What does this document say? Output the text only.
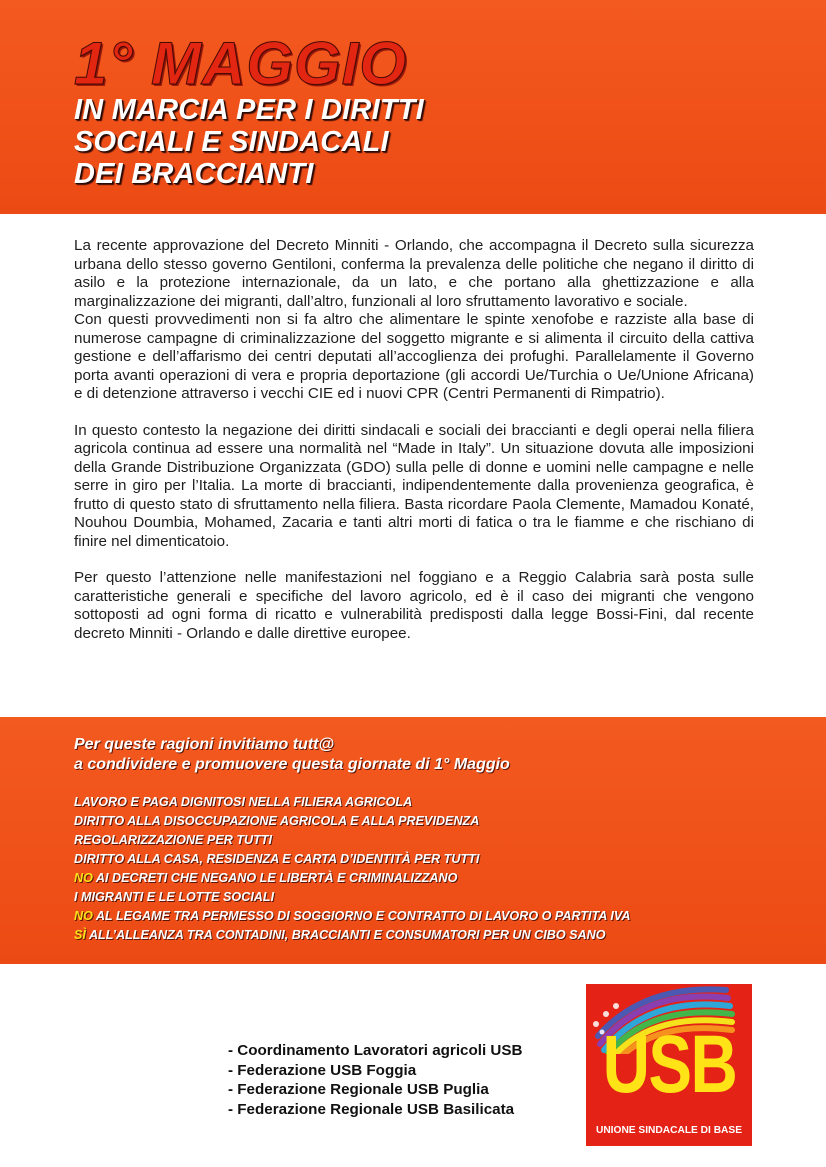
1° MAGGIO
IN MARCIA PER I DIRITTI
SOCIALI E SINDACALI
DEI BRACCIANTI

La recente approvazione del Decreto Minniti - Orlando, che accompagna il Decreto sulla sicurezza urbana dello stesso governo Gentiloni, conferma la prevalenza delle politiche che negano il diritto di asilo e la protezione internazionale, da un lato, e che portano alla ghettizzazione e alla marginalizzazione dei migranti, dall’altro, funzionali al loro sfruttamento lavorativo e sociale.

Con questi provvedimenti non si fa altro che alimentare le spinte xenofobe e razziste alla base di numerose campagne di criminalizzazione del soggetto migrante e si alimenta il circuito della cattiva gestione e dell’affarismo dei centri deputati all’accoglienza dei profughi. Parallelamente il Governo porta avanti operazioni di vera e propria deportazione (gli accordi Ue/Turchia o Ue/Unione Africana) e di detenzione attraverso i vecchi CIE ed i nuovi CPR (Centri Permanenti di Rimpatrio).

In questo contesto la negazione dei diritti sindacali e sociali dei braccianti e degli operai nella filiera agricola continua ad essere una normalità nel “Made in Italy”. Un situazione dovuta alle imposizioni della Grande Distribuzione Organizzata (GDO) sulla pelle di donne e uomini nelle campagne e nelle serre in giro per l’Italia. La morte di braccianti, indipendentemente dalla provenienza geografica, è frutto di questo stato di sfruttamento nella filiera. Basta ricordare Paola Clemente, Mamadou Konaté, Nouhou Doumbia, Mohamed, Zacaria e tanti altri morti di fatica o tra le fiamme e che rischiano di finire nel dimenticatoio.

Per questo l’attenzione nelle manifestazioni nel foggiano e a Reggio Calabria sarà posta sulle caratteristiche generali e specifiche del lavoro agricolo, ed è il caso dei migranti che vengono sottoposti ad ogni forma di ricatto e vulnerabilità predisposti dalla legge Bossi-Fini, dal recente decreto Minniti - Orlando e dalle direttive europee.

Per queste ragioni invitiamo tutt@
a condividere e promuovere questa giornate di 1° Maggio
LAVORO E PAGA DIGNITOSI NELLA FILIERA AGRICOLA
DIRITTO ALLA DISOCCUPAZIONE AGRICOLA E ALLA PREVIDENZA
REGOLARIZZAZIONE PER TUTTI
DIRITTO ALLA CASA, RESIDENZA E CARTA D’IDENTITÀ PER TUTTI
NO AI DECRETI CHE NEGANO LE LIBERTÀ E CRIMINALIZZANO
I MIGRANTI E LE LOTTE SOCIALI
NO AL LEGAME TRA PERMESSO DI SOGGIORNO E CONTRATTO DI LAVORO O PARTITA IVA
SÌ ALL’ALLEANZA TRA CONTADINI, BRACCIANTI E CONSUMATORI PER UN CIBO SANO
- Coordinamento Lavoratori agricoli USB
- Federazione USB Foggia
- Federazione Regionale USB Puglia
- Federazione Regionale USB Basilicata USB
UNIONE SINDACALE DI BASE
